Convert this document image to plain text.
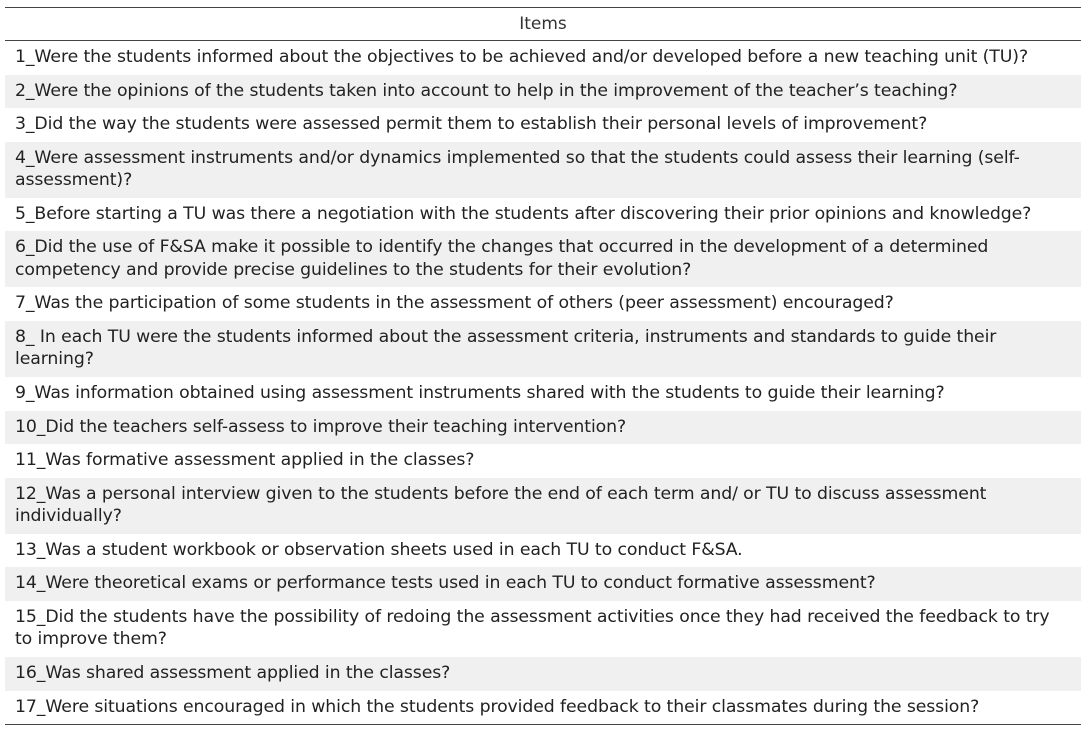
Items
1_Were the students informed about the objectives to be achieved and/or developed before a new teaching unit (TU)?
2_Were the opinions of the students taken into account to help in the improvement of the teacher’s teaching?
3_Did the way the students were assessed permit them to establish their personal levels of improvement?
4_Were assessment instruments and/or dynamics implemented so that the students could assess their learning (self-assessment)?
5_Before starting a TU was there a negotiation with the students after discovering their prior opinions and knowledge?
6_Did the use of F&SA make it possible to identify the changes that occurred in the development of a determined competency and provide precise guidelines to the students for their evolution?
7_Was the participation of some students in the assessment of others (peer assessment) encouraged?
8_ In each TU were the students informed about the assessment criteria, instruments and standards to guide their learning?
9_Was information obtained using assessment instruments shared with the students to guide their learning?
10_Did the teachers self-assess to improve their teaching intervention?
11_Was formative assessment applied in the classes?
12_Was a personal interview given to the students before the end of each term and/ or TU to discuss assessment individually?
13_Was a student workbook or observation sheets used in each TU to conduct F&SA.
14_Were theoretical exams or performance tests used in each TU to conduct formative assessment?
15_Did the students have the possibility of redoing the assessment activities once they had received the feedback to try to improve them?
16_Was shared assessment applied in the classes?
17_Were situations encouraged in which the students provided feedback to their classmates during the session?
